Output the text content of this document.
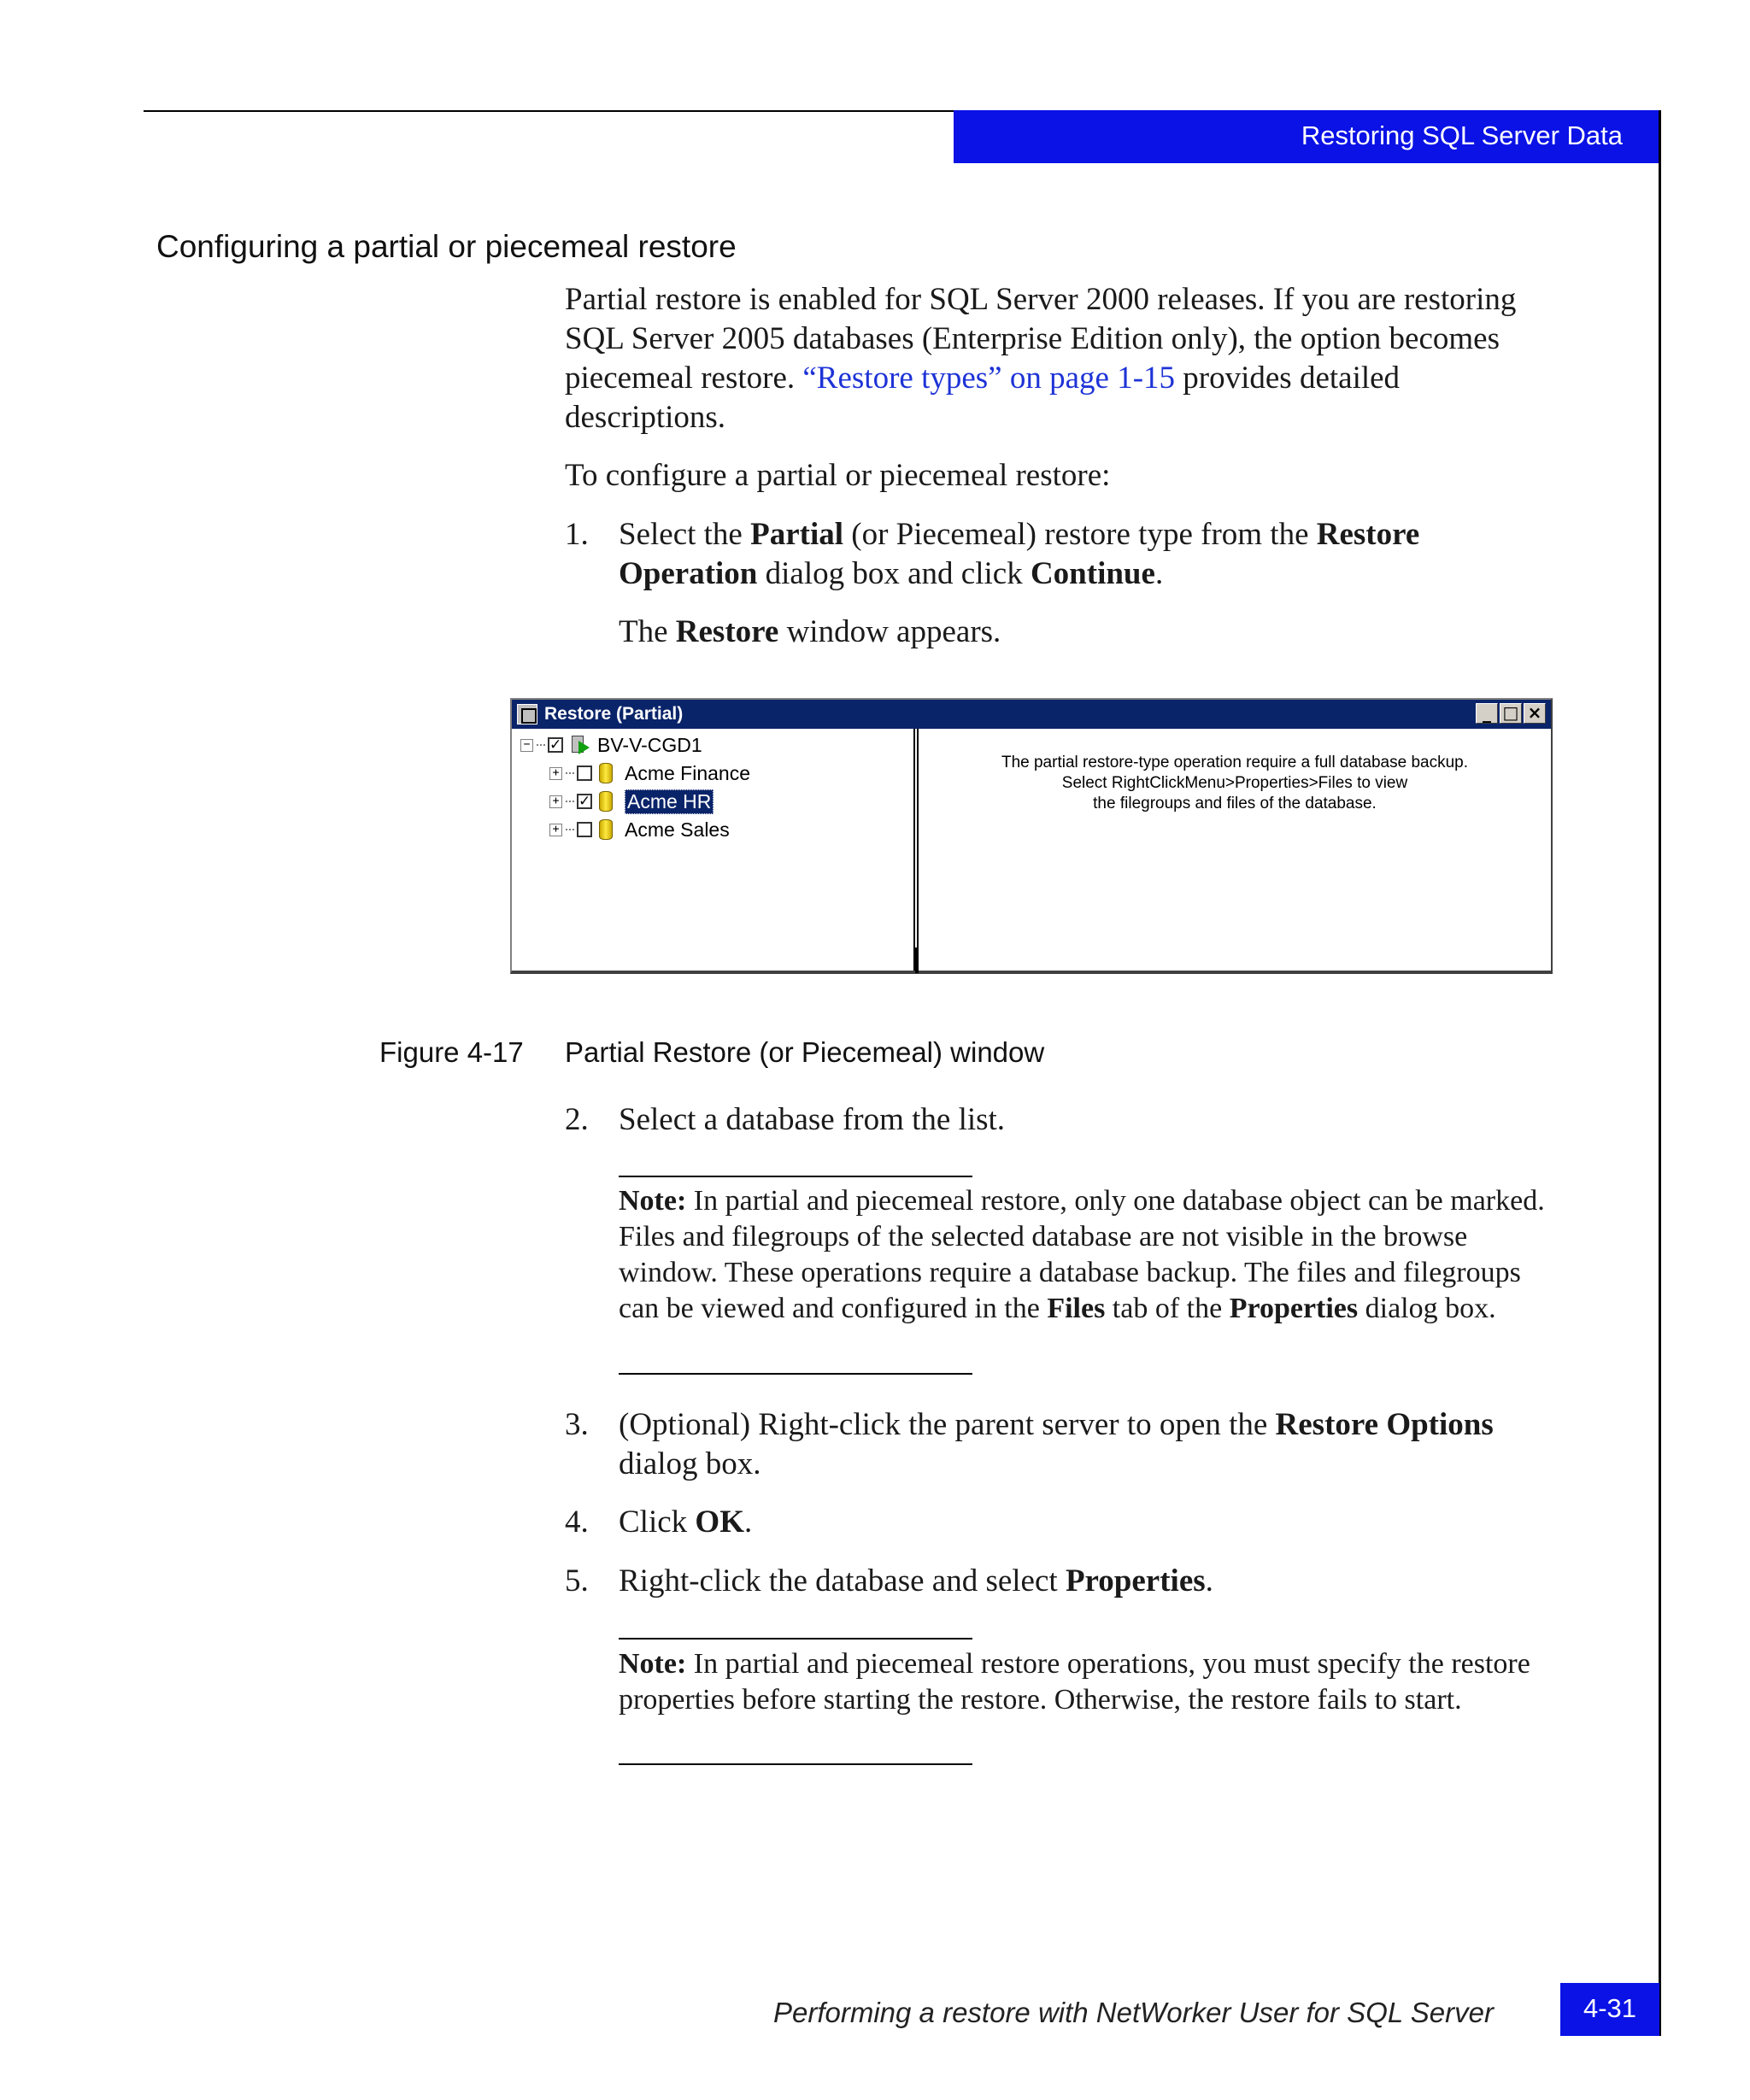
Restoring SQL Server Data
Configuring a partial or piecemeal restore

Partial restore is enabled for SQL Server 2000 releases. If you are restoring SQL Server 2005 databases (Enterprise Edition only), the option becomes piecemeal restore. “Restore types” on page 1-15 provides detailed descriptions.

To configure a partial or piecemeal restore:

1. Select the Partial (or Piecemeal) restore type from the Restore Operation dialog box and click Continue.

The Restore window appears.

Restore (Partial)	_ □ ×
− ✓ BV-V-CGD1
+	Acme Finance
+ ✓ Acme HR
+	Acme Sales
The partial restore-type operation require a full database backup.
Select RightClickMenu>Properties>Files to view
the filegroups and files of the database.
Figure 4-17 Partial Restore (or Piecemeal) window
2. Select a database from the list.

Note: In partial and piecemeal restore, only one database object can be marked. Files and filegroups of the selected database are not visible in the browse window. These operations require a database backup. The files and filegroups can be viewed and configured in the Files tab of the Properties dialog box.

3. (Optional) Right-click the parent server to open the Restore Options dialog box.
4. Click OK.
5. Right-click the database and select Properties.

Note: In partial and piecemeal restore operations, you must specify the restore properties before starting the restore. Otherwise, the restore fails to start.

Performing a restore with NetWorker User for SQL Server	4-31
